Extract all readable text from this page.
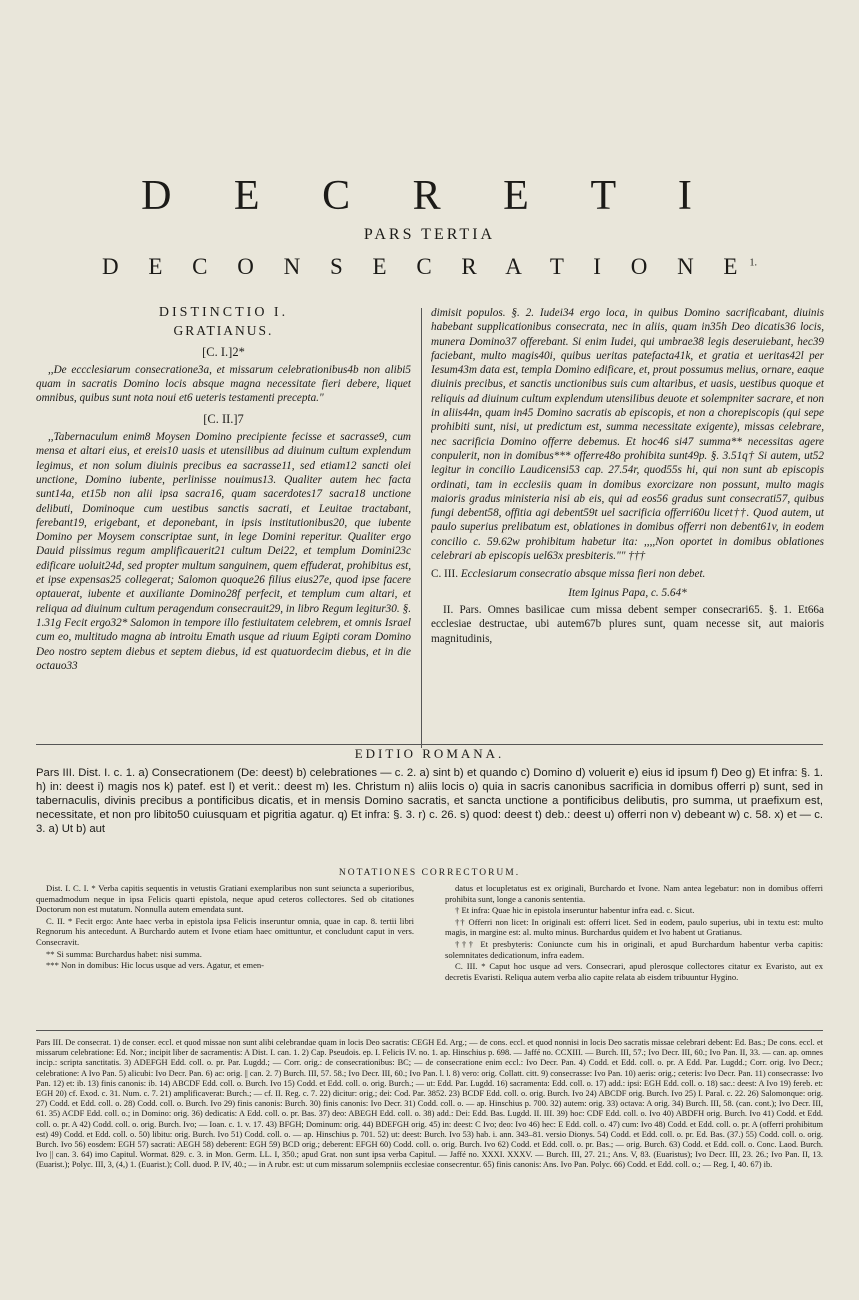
D E C R E T I
PARS TERTIA
D E C O N S E C R A T I O N $E^{1.}$
DISTINCTIO I.
GRATIANUS.
[C. I.]2*

,,De eccclesiarum consecratione3a, et missarum celebrationibus4b non alibi5 quam in sacratis Domino locis absque magna necessitate fieri debere, liquet omnibus, quibus sunt nota noui et6 ueteris testamenti precepta."

[C. II.]7

,,Tabernaculum enim8 Moysen Domino precipiente fecisse et sacrasse9, cum mensa et altari eius, et ereis10 uasis et utensilibus ad diuinum cultum explendum legimus, et non solum diuinis precibus ea sacrasse11, sed etiam12 sancti olei unctione, Domino iubente, perlinisse nouimus13. Qualiter autem hec facta sunt14a, et15b non alii ipsa sacra16, quam sacerdotes17 sacra18 unctione delibuti, Dominoque cum uestibus sanctis sacrati, et Leuitae tractabant, ferebant19, erigebant, et deponebant, in ipsis institutionibus20, que iubente Domino per Moysem conscriptae sunt, in lege Domini reperitur. Qualiter ergo Dauid piissimus regum amplificauerit21 cultum Dei22, et templum Domini23c edificare uoluit24d, sed propter multum sanguinem, quem effuderat, prohibitus est, et ipse expensas25 collegerat; Salomon quoque26 filius eius27e, quod ipse facere optauerat, iubente et auxiliante Domino28f perfecit, et templum cum altari, et reliqua ad diuinum cultum peragendum consecrauit29, in libro Regum legitur30. §. 1.31g Fecit ergo32* Salomon in tempore illo festiuitatem celebrem, et omnis Israel cum eo, multitudo magna ab introitu Emath usque ad riuum Egipti coram Domino Deo nostro septem diebus et septem diebus, id est quatuordecim diebus, et in die octauo33

dimisit populos. §. 2. Iudei34 ergo loca, in quibus Domino sacrificabant, diuinis habebant supplicationibus consecrata, nec in aliis, quam in35h Deo dicatis36 locis, munera Domino37 offerebant. Si enim Iudei, qui umbrae38 legis deseruiebant, hec39 faciebant, multo magis40i, quibus ueritas patefacta41k, et gratia et ueritas42l per Iesum43m data est, templa Domino edificare, et, prout possumus melius, ornare, eaque diuinis precibus, et sanctis unctionibus suis cum altaribus, et uasis, uestibus quoque et reliquis ad diuinum cultum explendum utensilibus deuote et solempniter sacrare, et non in aliis44n, quam in45 Domino sacratis ab episcopis, et non a chorepiscopis (qui sepe prohibiti sunt, nisi, ut predictum est, summa necessitate exigente), missas celebrare, nec sacrificia Domino offerre debemus. Et hoc46 si47 summa** necessitas agere conpulerit, non in domibus*** offerre48o prohibita sunt49p. §. 3.51q† Si autem, ut52 legitur in concilio Laudicensi53 cap. 27.54r, quod55s hi, qui non sunt ab episcopis ordinati, tam in ecclesiis quam in domibus exorcizare non possunt, multo magis maioris gradus ministeria nisi ab eis, qui ad eos56 gradus sunt consecrati57, quibus fungi debent58, offitia agi debent59t uel sacrificia offerri60u licet††. Quod autem, ut paulo superius prelibatum est, oblationes in domibus offerri non debent61v, in eodem concilio c. 59.62w prohibitum habetur ita: ,,,,Non oportet in domibus oblationes celebrari ab episcopis uel63x presbiteris."" †††

C. III. Ecclesiarum consecratio absque missa fieri non debet.

Item Iginus Papa, c. 5.64*

II. Pars. Omnes basilicae cum missa debent semper consecrari65. §. 1. Et66a ecclesiae destructae, ubi autem67b plures sunt, quam necesse sit, aut maioris magnitudinis,

EDITIO ROMANA.
Pars III. Dist. I. c. 1. a) Consecrationem (De: deest) b) celebrationes — c. 2. a) sint b) et quando c) Domino d) voluerit e) eius id ipsum f) Deo g) Et infra: §. 1. h) in: deest i) magis nos k) patef. est l) et verit.: deest m) Ies. Christum n) aliis locis o) quia in sacris canonibus sacrificia in domibus offerri p) sunt, sed in tabernaculis, divinis precibus a pontificibus dicatis, et in mensis Domino sacratis, et sancta unctione a pontificibus delibutis, pro summa, ut praefixum est, necessitate, et non pro libito50 cuiusquam et pigritia agatur. q) Et infra: §. 3. r) c. 26. s) quod: deest t) deb.: deest u) offerri non v) debeant w) c. 58. x) et — c. 3. a) Ut b) aut
NOTATIONES CORRECTORUM.

Dist. I. C. I. * Verba capitis sequentis in vetustis Gratiani exemplaribus non sunt seiuncta a superioribus, quemadmodum neque in ipsa Felicis quarti epistola, neque apud ceteros collectores. Sed ob citationes Doctorum non est mutatum. Nonnulla autem emendata sunt.

C. II. * Fecit ergo: Ante haec verba in epistola ipsa Felicis inseruntur omnia, quae in cap. 8. tertii libri Regnorum his antecedunt. A Burchardo autem et Ivone etiam haec omittuntur, et concludunt caput in vers. Consecravit.

** Si summa: Burchardus habet: nisi summa.

*** Non in domibus: Hic locus usque ad vers. Agatur, et emen-

datus et locupletatus est ex originali, Burchardo et Ivone. Nam antea legebatur: non in domibus offerri prohibita sunt, longe a canonis sententia.

† Et infra: Quae hic in epistola inseruntur habentur infra ead. c. Sicut.

†† Offerri non licet: In originali est: offerri licet. Sed in eodem, paulo superius, ubi in textu est: multo magis, in margine est: al. multo minus. Burchardus quidem et Ivo habent ut Gratianus.

††† Et presbyteris: Coniuncte cum his in originali, et apud Burchardum habentur verba capitis: solemnitates dedicationum, infra eadem.

C. III. * Caput hoc usque ad vers. Consecrari, apud plerosque collectores citatur ex Evaristo, aut ex decretis Evaristi. Reliqua autem verba alio capite relata ab eisdem tribuuntur Hygino.

Pars III. De consecrat. 1) de conser. eccl. et quod missae non sunt alibi celebrandae quam in locis Deo sacratis: CEGH Ed. Arg.; — de cons. eccl. et quod nonnisi in locis Deo sacratis missae celebrari debent: Ed. Bas.; De cons. eccl. et missarum celebratione: Ed. Nor.; incipit liber de sacramentis: A Dist. I. can. 1. 2) Cap. Pseudois. ep. I. Felicis IV. no. 1. ap. Hinschius p. 698. — Jaffé no. CCXIII. — Burch. III, 57.; Ivo Decr. III, 60.; Ivo Pan. II, 33. — can. ap. omnes incip.: scripta sanctitatis. 3) ADEFGH Edd. coll. o. pr. Par. Lugdd.; — Corr. orig.: de consecrationibus: BC; — de consecratione enim eccl.: Ivo Decr. Pan. 4) Codd. et Edd. coll. o. pr. A Edd. Par. Lugdd.; Corr. orig. Ivo Decr.; celebratione: A Ivo Pan. 5) alicubi: Ivo Decr. Pan. 6) ac: orig. || can. 2. 7) Burch. III, 57. 58.; Ivo Decr. III, 60.; Ivo Pan. l. l. 8) vero: orig. Collatt. citt. 9) consecrasse: Ivo Pan. 10) aeris: orig.; ceteris: Ivo Decr. Pan. 11) consecrasse: Ivo Pan. 12) et: ib. 13) finis canonis: ib. 14) ABCDF Edd. coll. o. Burch. Ivo 15) Codd. et Edd. coll. o. orig. Burch.; — ut: Edd. Par. Lugdd. 16) sacramenta: Edd. coll. o. 17) add.: ipsi: EGH Edd. coll. o. 18) sac.: deest: A Ivo 19) fereb. et: EGH 20) cf. Exod. c. 31. Num. c. 7. 21) amplificaverat: Burch.; — cf. II. Reg. c. 7. 22) dicitur: orig.; dei: Cod. Par. 3852. 23) BCDF Edd. coll. o. orig. Burch. Ivo 24) ABCDF orig. Burch. Ivo 25) I. Paral. c. 22. 26) Salomonque: orig. 27) Codd. et Edd. coll. o. 28) Codd. coll. o. Burch. Ivo 29) finis canonis: Burch. 30) finis canonis: Ivo Decr. 31) Codd. coll. o. — ap. Hinschius p. 700. 32) autem: orig. 33) octava: A orig. 34) Burch. III, 58. (can. cont.); Ivo Decr. III, 61. 35) ACDF Edd. coll. o.; in Domino: orig. 36) dedicatis: A Edd. coll. o. pr. Bas. 37) deo: ABEGH Edd. coll. o. 38) add.: Dei: Edd. Bas. Lugdd. II. III. 39) hoc: CDF Edd. coll. o. Ivo 40) ABDFH orig. Burch. Ivo 41) Codd. et Edd. coll. o. pr. A 42) Codd. coll. o. orig. Burch. Ivo; — Ioan. c. 1. v. 17. 43) BFGH; Dominum: orig. 44) BDEFGH orig. 45) in: deest: C Ivo; deo: Ivo 46) hec: E Edd. coll. o. 47) cum: Ivo 48) Codd. et Edd. coll. o. pr. A (offerri prohibitum est) 49) Codd. et Edd. coll. o. 50) libitu: orig. Burch. Ivo 51) Codd. coll. o. — ap. Hinschius p. 701. 52) ut: deest: Burch. Ivo 53) hab. i. ann. 343–81. versio Dionys. 54) Codd. et Edd. coll. o. pr. Ed. Bas. (37.) 55) Codd. coll. o. orig. Burch. Ivo 56) eosdem: EGH 57) sacrati: AEGH 58) deberent: EGH 59) BCD orig.; deberent: EFGH 60) Codd. coll. o. orig. Burch. Ivo 62) Codd. et Edd. coll. o. pr. Bas.; — orig. Burch. 63) Codd. et Edd. coll. o. Conc. Laod. Burch. Ivo || can. 3. 64) imo Capitul. Wormat. 829. c. 3. in Mon. Germ. LL. I, 350.; apud Grat. non sunt ipsa verba Capitul. — Jaffé no. XXXI. XXXV. — Burch. III, 27. 21.; Ans. V, 83. (Euaristus); Ivo Decr. III, 23. 26.; Ivo Pan. II, 13. (Euarist.); Polyc. III, 3, (4,) 1. (Euarist.); Coll. duod. P. IV, 40.; — in A rubr. est: ut cum missarum solempniis ecclesiae consecrentur. 65) finis canonis: Ans. Ivo Pan. Polyc. 66) Codd. et Edd. coll. o.; — Reg. I, 40. 67) ib.
